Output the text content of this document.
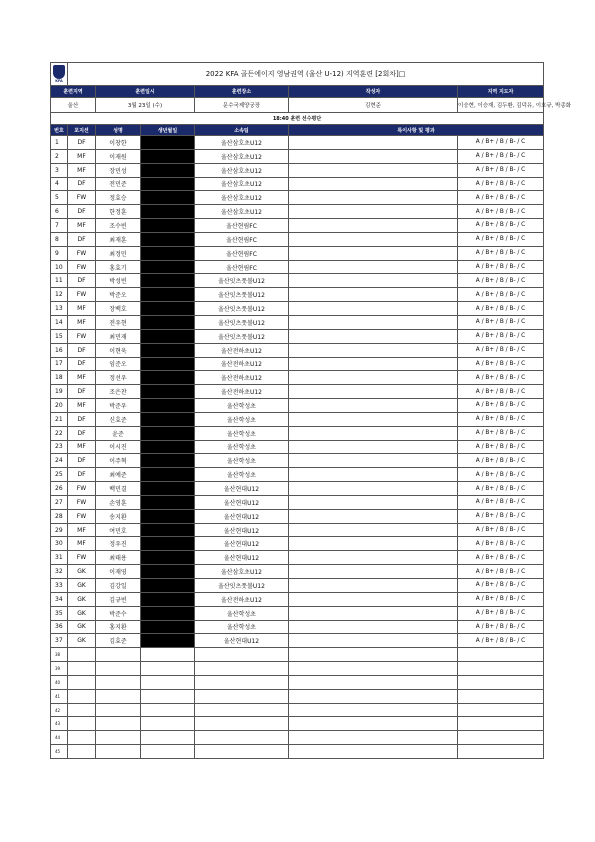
KFA	2022 KFA 골든에이지 영남권역 (울산 U-12) 지역훈련 [2회차]□					
훈련지역		훈련일시		훈련장소	작성자	지역 지도자
울산		3월 23일 (수)		문수국제양궁장	김현준	이승현, 이승재, 김두환, 김덕유, 이호규, 박종화
18:40 훈련 선수평단						
번호	포지션	성명	생년월일	소속팀	특이사항 및 평과	
1	DF	이창한		울산삼호초U12		A / B+ / B / B- / C
2	MF	이재원		울산삼호초U12		A / B+ / B / B- / C
3	MF	장민성		울산삼호초U12		A / B+ / B / B- / C
4	DF	전민준		울산삼호초U12		A / B+ / B / B- / C
5	FW	정효승		울산삼호초U12		A / B+ / B / B- / C
6	DF	한정훈		울산삼호초U12		A / B+ / B / B- / C
7	MF	조수빈		울산현림FC		A / B+ / B / B- / C
8	DF	최재훈		울산현림FC		A / B+ / B / B- / C
9	FW	최정민		울산현림FC		A / B+ / B / B- / C
10	FW	홍효기		울산현림FC		A / B+ / B / B- / C
11	DF	박성빈		울산잇츠풋볼U12		A / B+ / B / B- / C
12	FW	박준오		울산잇츠풋볼U12		A / B+ / B / B- / C
13	MF	장백호		울산잇츠풋볼U12		A / B+ / B / B- / C
14	MF	전우현		울산잇츠풋볼U12		A / B+ / B / B- / C
15	FW	최민재		울산잇츠풋볼U12		A / B+ / B / B- / C
16	DF	이현욱		울산전하초U12		A / B+ / B / B- / C
17	DF	임준오		울산전하초U12		A / B+ / B / B- / C
18	MF	정선우		울산전하초U12		A / B+ / B / B- / C
19	DF	조은찬		울산전하초U12		A / B+ / B / B- / C
20	MF	박준우		울산학성초		A / B+ / B / B- / C
21	DF	신효준		울산학성초		A / B+ / B / B- / C
22	DF	윤준		울산학성초		A / B+ / B / B- / C
23	MF	이시진		울산학성초		A / B+ / B / B- / C
24	DF	이주혁		울산학성초		A / B+ / B / B- / C
25	DF	최예준		울산학성초		A / B+ / B / B- / C
26	FW	백민결		울산현대U12		A / B+ / B / B- / C
27	FW	손영훈		울산현대U12		A / B+ / B / B- / C
28	FW	송지환		울산현대U12		A / B+ / B / B- / C
29	MF	여민호		울산현대U12		A / B+ / B / B- / C
30	MF	정우진		울산현대U12		A / B+ / B / B- / C
31	FW	최태용		울산현대U12		A / B+ / B / B- / C
32	GK	이재영		울산삼호초U12		A / B+ / B / B- / C
33	GK	김강일		울산잇츠풋볼U12		A / B+ / B / B- / C
34	GK	김규빈		울산전하초U12		A / B+ / B / B- / C
35	GK	박준수		울산학성초		A / B+ / B / B- / C
36	GK	홍지환		울산학성초		A / B+ / B / B- / C
37	GK	김효준		울산현대U12		A / B+ / B / B- / C
38						
39						
40						
41						
42						
43						
44						
45						
